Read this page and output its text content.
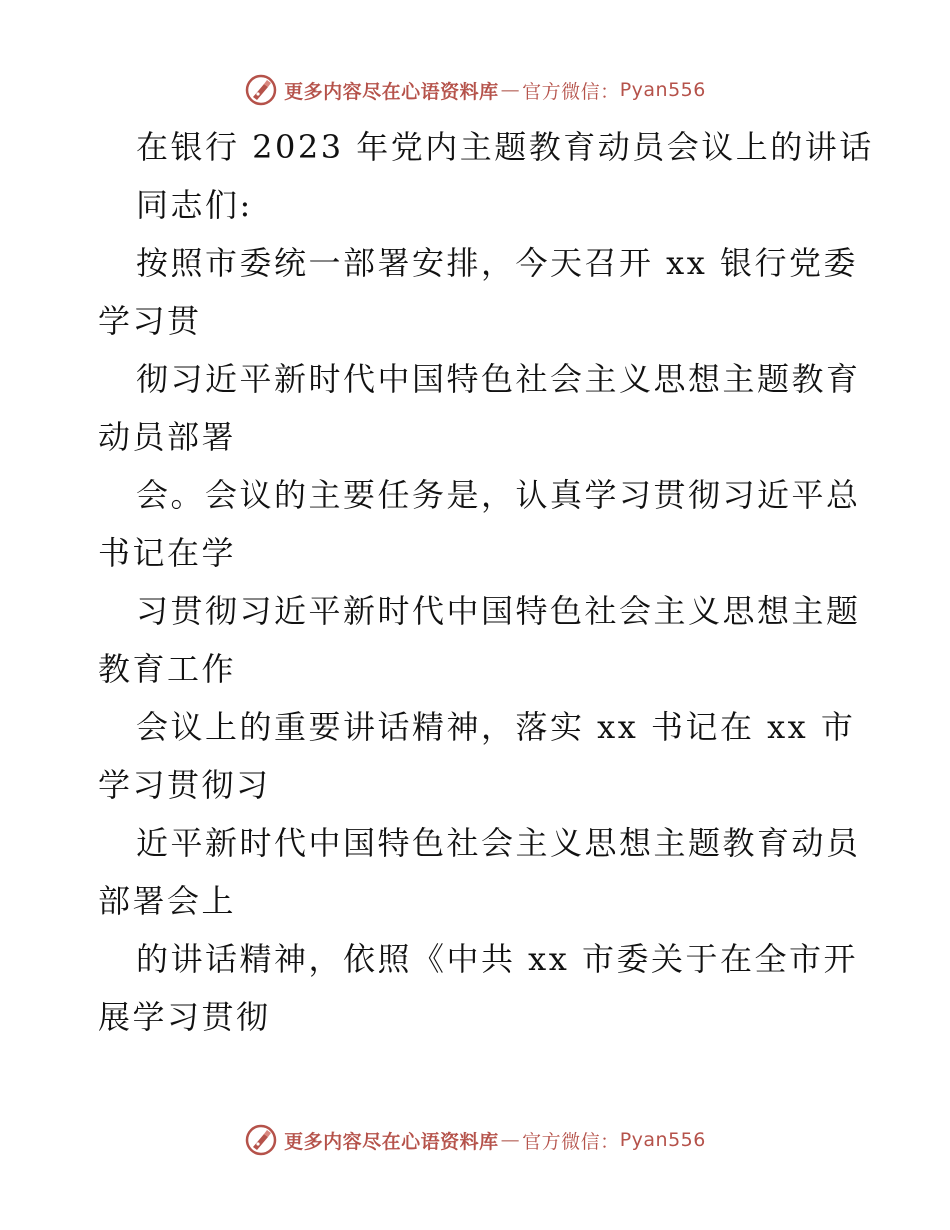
更多内容尽在心语资料库 — 官方微信： Pyan556
在银行 2023 年党内主题教育动员会议上的讲话
同志们:
按照市委统一部署安排，今天召开 xx 银行党委
学习贯
彻习近平新时代中国特色社会主义思想主题教育
动员部署
会。会议的主要任务是，认真学习贯彻习近平总
书记在学
习贯彻习近平新时代中国特色社会主义思想主题
教育工作
会议上的重要讲话精神，落实 xx 书记在 xx 市
学习贯彻习
近平新时代中国特色社会主义思想主题教育动员
部署会上
的讲话精神，依照《中共 xx 市委关于在全市开
展学习贯彻
更多内容尽在心语资料库 — 官方微信： Pyan556
